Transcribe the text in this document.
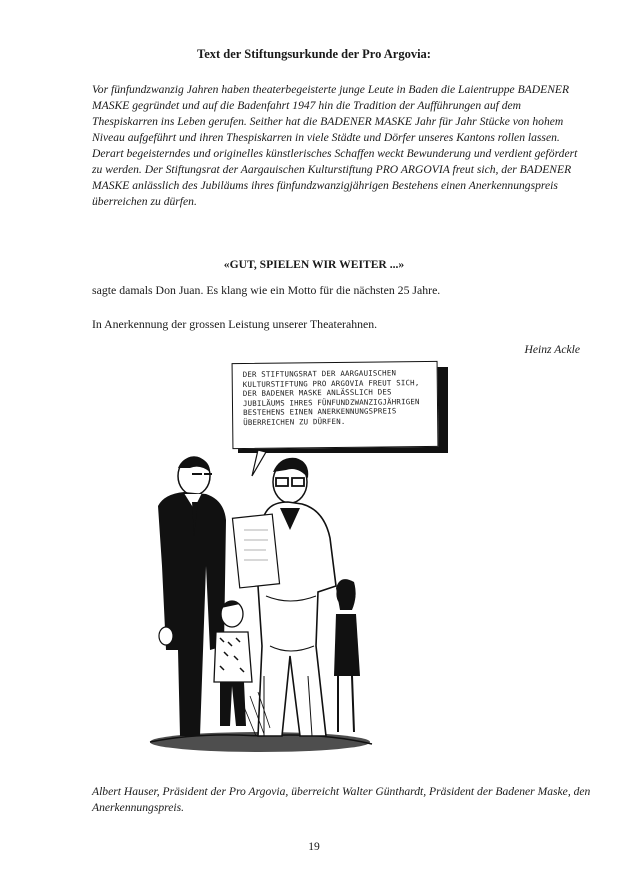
Text der Stiftungsurkunde der Pro Argovia:

Vor fünfundzwanzig Jahren haben theaterbegeisterte junge Leute in Baden die Laientruppe BADENER MASKE gegründet und auf die Badenfahrt 1947 hin die Tradition der Aufführungen auf dem Thespiskarren ins Leben gerufen. Seither hat die BADENER MASKE Jahr für Jahr Stücke von hohem Niveau aufgeführt und ihren Thespiskarren in viele Städte und Dörfer unseres Kantons rollen lassen.

Derart begeisterndes und originelles künstlerisches Schaffen weckt Bewunderung und verdient gefördert zu werden. Der Stiftungsrat der Aargauischen Kulturstiftung PRO ARGOVIA freut sich, der BADENER MASKE anlässlich des Jubiläums ihres fünfundzwanzigjährigen Bestehens einen Anerkennungspreis überreichen zu dürfen.

«GUT, SPIELEN WIR WEITER ...»
sagte damals Don Juan. Es klang wie ein Motto für die nächsten 25 Jahre.
In Anerkennung der grossen Leistung unserer Theaterahnen.
Heinz Ackle
DER STIFTUNGSRAT DER AARGAUISCHEN KULTURSTIFTUNG PRO ARGOVIA FREUT SICH, DER BADENER MASKE ANLÄSSLICH DES JUBILÄUMS IHRES FÜNFUNDZWANZIGJÄHRIGEN BESTEHENS EINEN ANERKENNUNGSPREIS ÜBERREICHEN ZU DÜRFEN.
Albert Hauser, Präsident der Pro Argovia, überreicht Walter Günthardt, Präsident der Badener Maske, den Anerkennungspreis.
19
